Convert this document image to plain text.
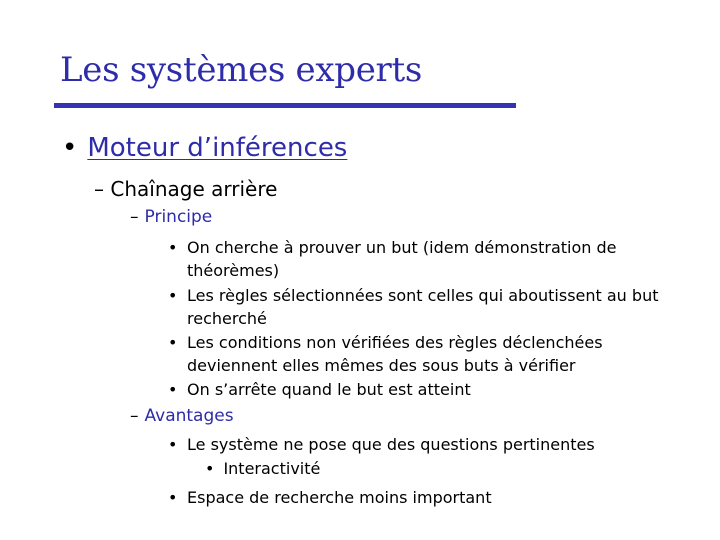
Les systèmes experts
• Moteur d’inférences
– Chaînage arrière
– Principe
• On cherche à prouver un but (idem démonstration de théorèmes)
• Les règles sélectionnées sont celles qui aboutissent au but recherché
• Les conditions non vérifiées des règles déclenchées deviennent elles mêmes des sous buts à vérifier
• On s’arrête quand le but est atteint
– Avantages
• Le système ne pose que des questions pertinentes
• Interactivité
• Espace de recherche moins important
